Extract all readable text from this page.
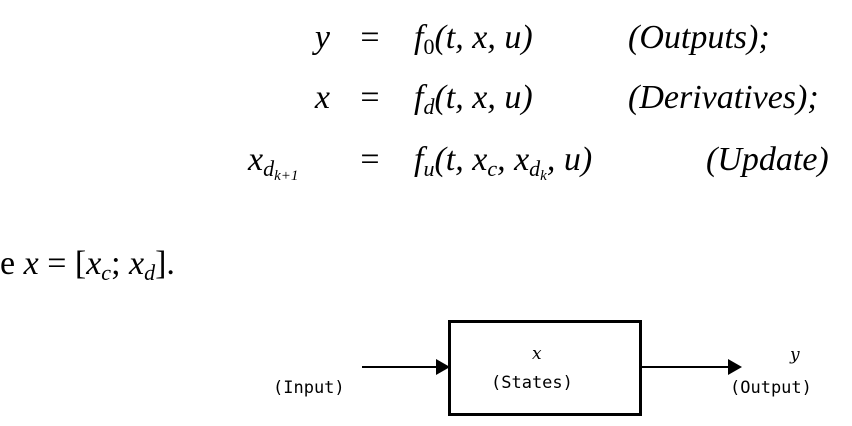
y =	$f_0(t$, x, u)	(Outputs);
x =	$f_d(t$, x, u)	(Derivatives);
$x_{d_{k+1}}$	=	$f_u(t$, $x_c$, $x_{d_k}$, u)	(Update)
e $x = [x_c$; $x_d$].
(Input)
x
(States)
y
(Output)
